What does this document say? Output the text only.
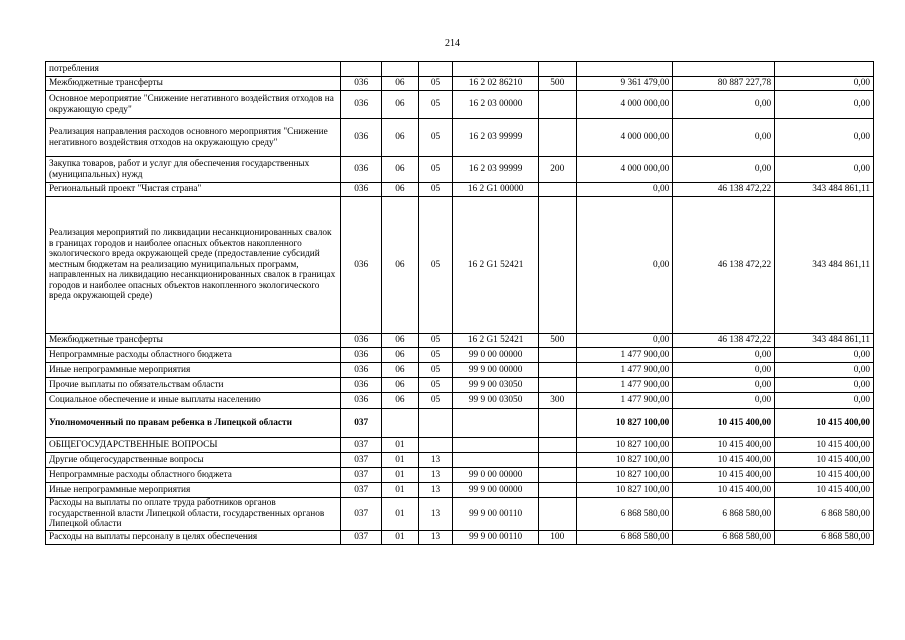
214
потребления								
Межбюджетные трансферты	036	06	05	16 2 02 86210	500	9 361 479,00	80 887 227,78	0,00
Основное мероприятие "Снижение негативного воздействия отходов на окружающую среду"	036	06	05	16 2 03 00000		4 000 000,00	0,00	0,00
Реализация направления расходов основного мероприятия "Снижение негативного воздействия отходов на окружающую среду"	036	06	05	16 2 03 99999		4 000 000,00	0,00	0,00
Закупка товаров, работ и услуг для обеспечения государственных (муниципальных) нужд	036	06	05	16 2 03 99999	200	4 000 000,00	0,00	0,00
Региональный проект "Чистая страна"	036	06	05	16 2 G1 00000		0,00	46 138 472,22	343 484 861,11
Реализация мероприятий по ликвидации несанкционированных свалок в границах городов и наиболее опасных объектов накопленного экологического вреда окружающей среде (предоставление субсидий местным бюджетам на реализацию муниципальных программ, направленных на ликвидацию несанкционированных свалок в границах городов и наиболее опасных объектов накопленного экологического вреда окружающей среде)	036	06	05	16 2 G1 52421		0,00	46 138 472,22	343 484 861,11
Межбюджетные трансферты	036	06	05	16 2 G1 52421	500	0,00	46 138 472,22	343 484 861,11
Непрограммные расходы областного бюджета	036	06	05	99 0 00 00000		1 477 900,00	0,00	0,00
Иные непрограммные мероприятия	036	06	05	99 9 00 00000		1 477 900,00	0,00	0,00
Прочие выплаты по обязательствам области	036	06	05	99 9 00 03050		1 477 900,00	0,00	0,00
Социальное обеспечение и иные выплаты населению	036	06	05	99 9 00 03050	300	1 477 900,00	0,00	0,00
Уполномоченный по правам ребенка в Липецкой области	037					10 827 100,00	10 415 400,00	10 415 400,00
ОБЩЕГОСУДАРСТВЕННЫЕ ВОПРОСЫ	037	01				10 827 100,00	10 415 400,00	10 415 400,00
Другие общегосударственные вопросы	037	01	13			10 827 100,00	10 415 400,00	10 415 400,00
Непрограммные расходы областного бюджета	037	01	13	99 0 00 00000		10 827 100,00	10 415 400,00	10 415 400,00
Иные непрограммные мероприятия	037	01	13	99 9 00 00000		10 827 100,00	10 415 400,00	10 415 400,00
Расходы на выплаты по оплате труда работников органов государственной власти Липецкой области, государственных органов Липецкой области	037	01	13	99 9 00 00110		6 868 580,00	6 868 580,00	6 868 580,00
Расходы на выплаты персоналу в целях обеспечения	037	01	13	99 9 00 00110	100	6 868 580,00	6 868 580,00	6 868 580,00
